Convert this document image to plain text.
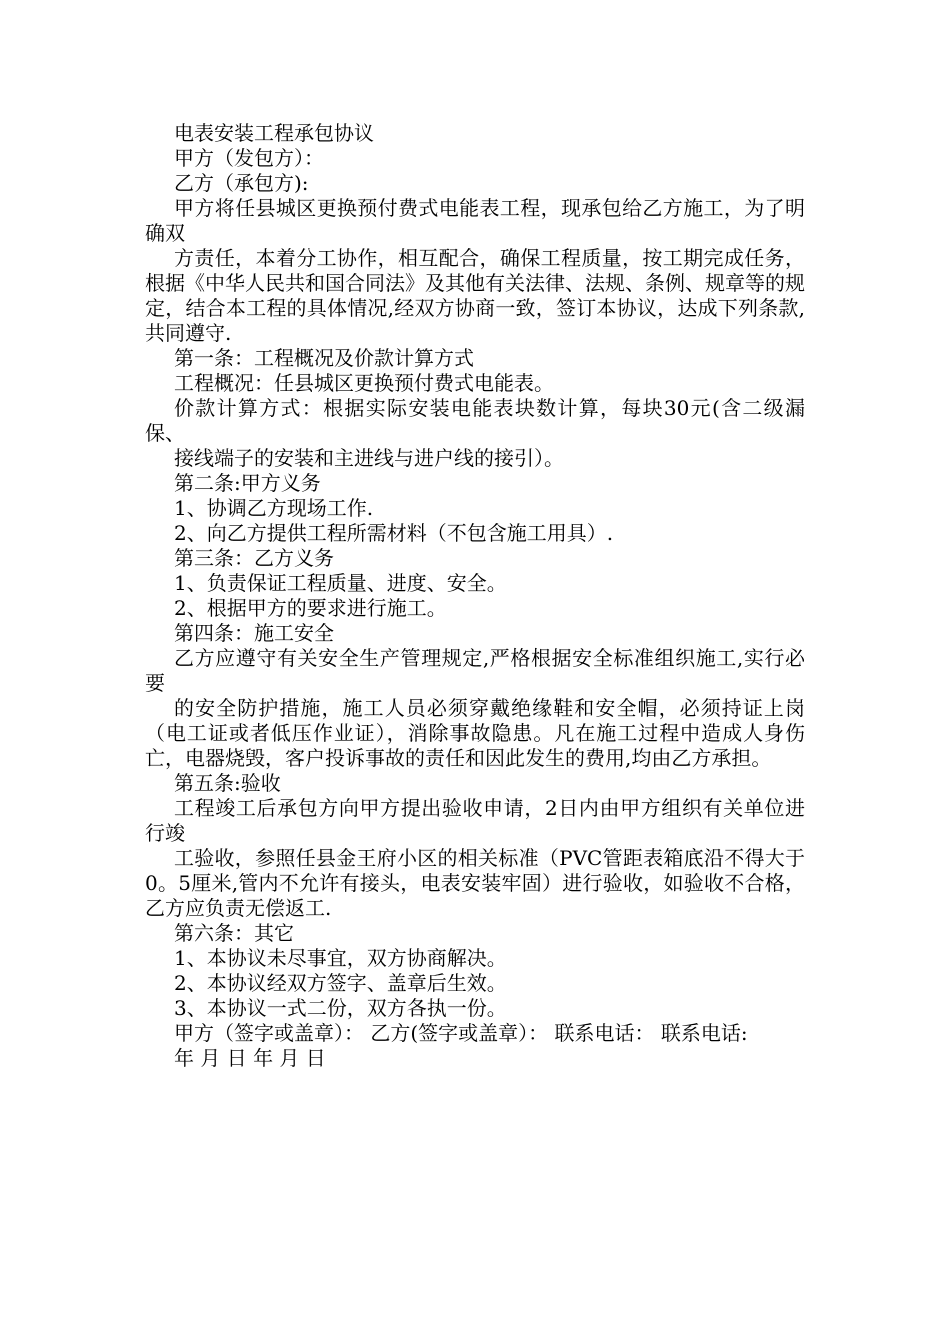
电表安装工程承包协议

甲方（发包方）：

乙方（承包方):

甲方将任县城区更换预付费式电能表工程，现承包给乙方施工，为了明确双

方责任，本着分工协作，相互配合，确保工程质量，按工期完成任务，根据《中华人民共和国合同法》及其他有关法律、法规、条例、规章等的规定，结合本工程的具体情况,经双方协商一致，签订本协议，达成下列条款,共同遵守.

第一条：工程概况及价款计算方式

工程概况：任县城区更换预付费式电能表。

价款计算方式：根据实际安装电能表块数计算，每块30元(含二级漏保、

接线端子的安装和主进线与进户线的接引）。

第二条:甲方义务

1、协调乙方现场工作.

2、向乙方提供工程所需材料（不包含施工用具）.

第三条：乙方义务

1、负责保证工程质量、进度、安全。

2、根据甲方的要求进行施工。

第四条：施工安全

乙方应遵守有关安全生产管理规定,严格根据安全标准组织施工,实行必要

的安全防护措施，施工人员必须穿戴绝缘鞋和安全帽，必须持证上岗（电工证或者低压作业证），消除事故隐患。凡在施工过程中造成人身伤亡，电器烧毁，客户投诉事故的责任和因此发生的费用,均由乙方承担。

第五条:验收

工程竣工后承包方向甲方提出验收申请，2日内由甲方组织有关单位进行竣

工验收，参照任县金王府小区的相关标准（PVC管距表箱底沿不得大于0。5厘米,管内不允许有接头，电表安装牢固）进行验收，如验收不合格，乙方应负责无偿返工.

第六条：其它

1、本协议未尽事宜，双方协商解决。

2、本协议经双方签字、盖章后生效。

3、本协议一式二份，双方各执一份。

甲方（签字或盖章）： 乙方(签字或盖章）： 联系电话： 联系电话:

年 月 日 年 月 日
